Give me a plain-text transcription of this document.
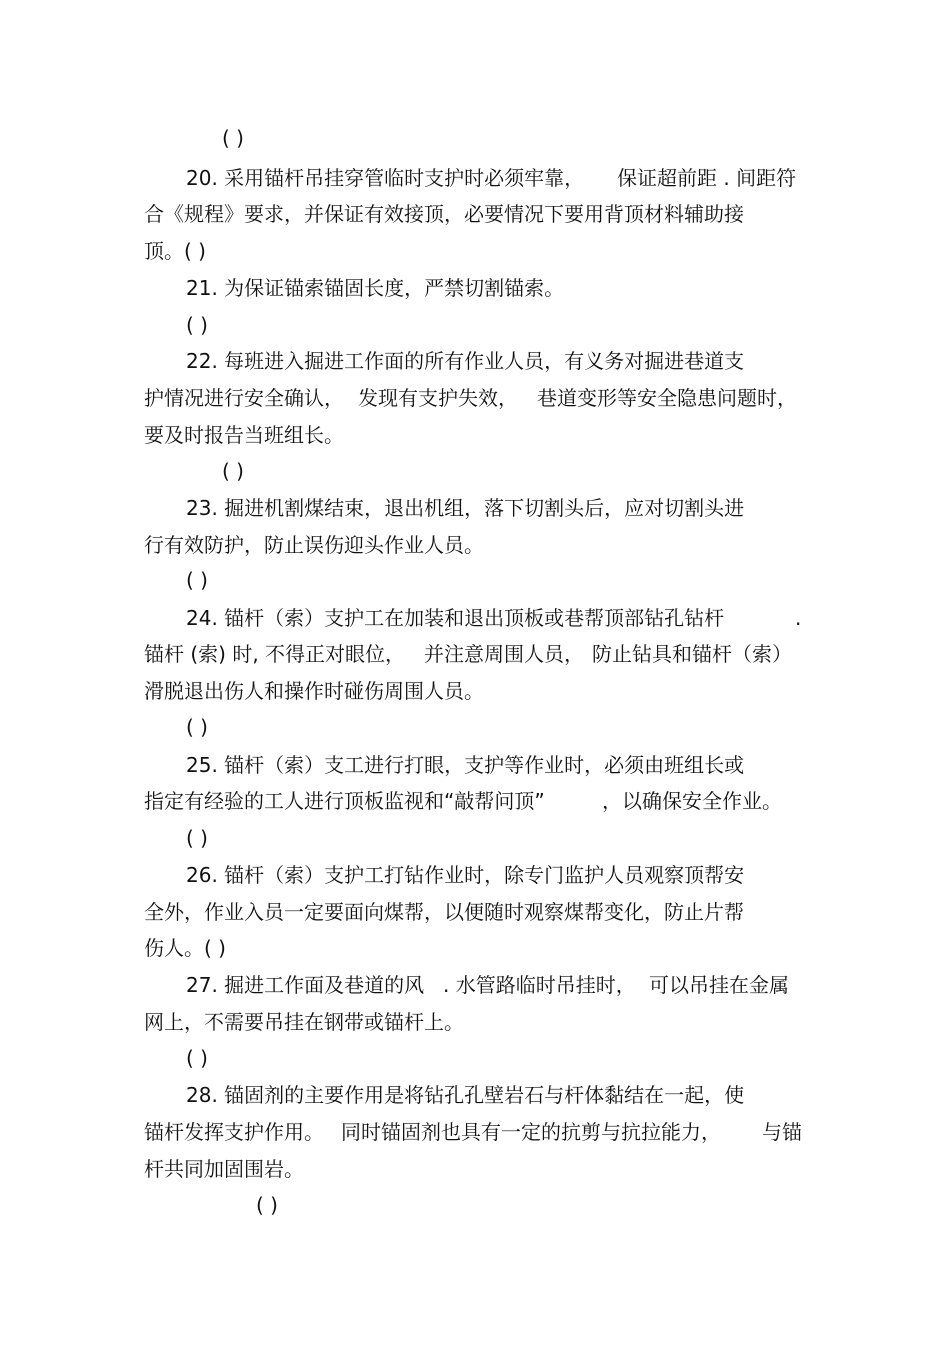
( )
20. 采用锚杆吊挂穿管临时支护时必须牢靠， 保证超前距 . 间距符
合《规程》要求，并保证有效接顶，必要情况下要用背顶材料辅助接
顶。( )
21. 为保证锚索锚固长度，严禁切割锚索。
( )
22. 每班进入掘进工作面的所有作业人员，有义务对掘进巷道支
护情况进行安全确认， 发现有支护失效， 巷道变形等安全隐患问题时，
要及时报告当班组长。
( )
23. 掘进机割煤结束，退出机组，落下切割头后，应对切割头进
行有效防护，防止误伤迎头作业人员。
( )
24. 锚杆（索）支护工在加装和退出顶板或巷帮顶部钻孔钻杆	.
锚杆 (索) 时, 不得正对眼位， 并注意周围人员， 防止钻具和锚杆（索）
滑脱退出伤人和操作时碰伤周围人员。
( )
25. 锚杆（索）支工进行打眼，支护等作业时，必须由班组长或
指定有经验的工人进行顶板监视和“敲帮问顶”	，以确保安全作业。
( )
26. 锚杆（索）支护工打钻作业时，除专门监护人员观察顶帮安
全外，作业入员一定要面向煤帮，以便随时观察煤帮变化，防止片帮
伤人。( )
27. 掘进工作面及巷道的风 . 水管路临时吊挂时， 可以吊挂在金属
网上，不需要吊挂在钢带或锚杆上。
( )
28. 锚固剂的主要作用是将钻孔孔壁岩石与杆体黏结在一起，使
锚杆发挥支护作用。 同时锚固剂也具有一定的抗剪与抗拉能力， 与锚
杆共同加固围岩。
( )
